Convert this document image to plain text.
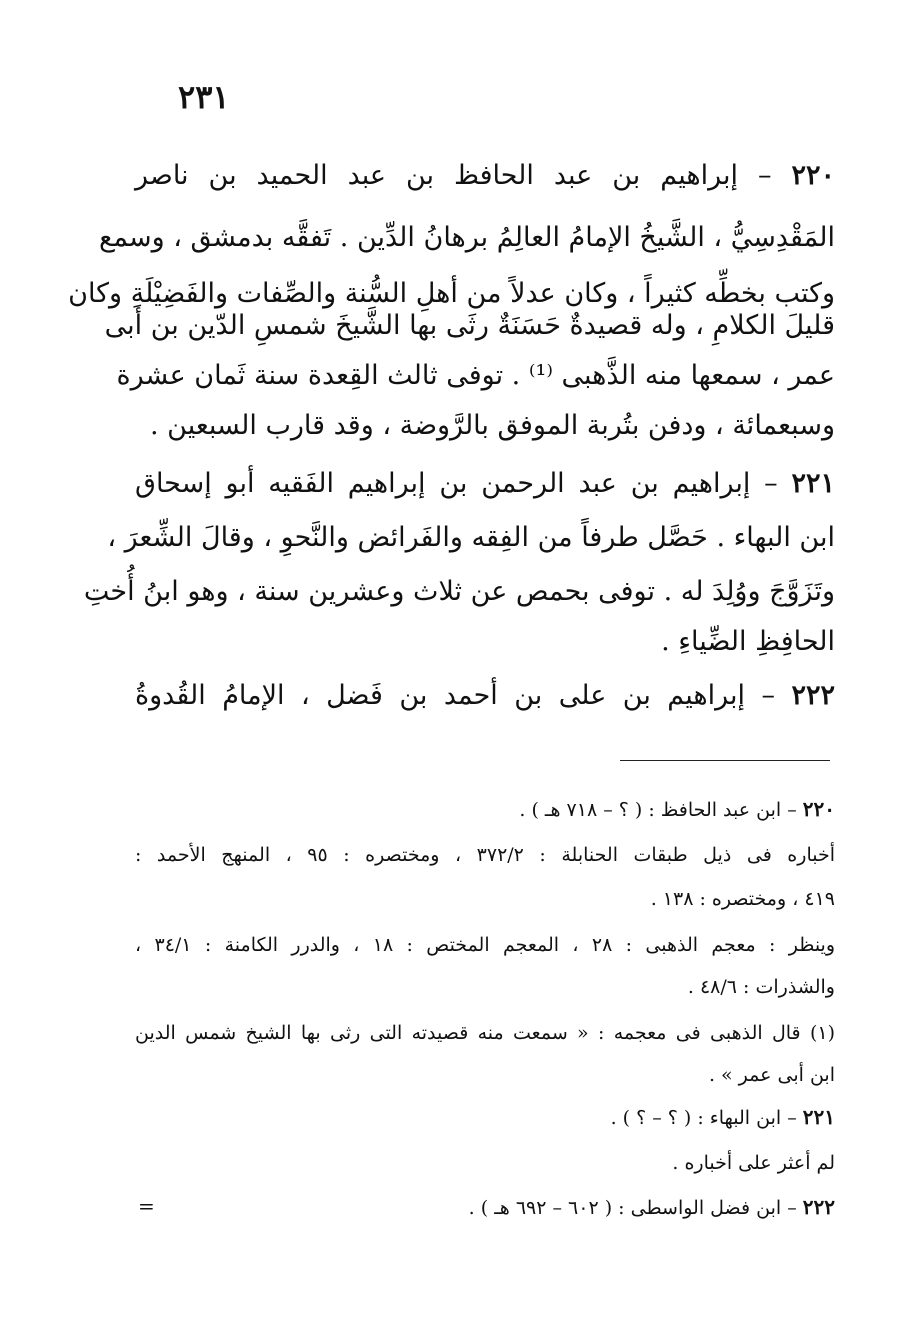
٢٣١
٢٢٠ – إبراهيم بن عبد الحافظ بن عبد الحميد بن ناصر
المَقْدِسِيُّ ، الشَّيخُ الإمامُ العالِمُ برهانُ الدِّين . تَفقَّه بدمشق ، وسمع
وكتب بخطِّه كثيراً ، وكان عدلاً من أهلِ السُّنة والصِّفات والفَضِيْلَةِ وكان
قليلَ الكلامِ ، وله قصيدةٌ حَسَنَةٌ رثَى بها الشَّيخَ شمسِ الدّين بن أبى
عمر ، سمعها منه الذَّهبى ⁽¹⁾ . توفى ثالث القِعدة سنة ثَمان عشرة
وسبعمائة ، ودفن بتُربة الموفق بالرَّوضة ، وقد قارب السبعين .
٢٢١ – إبراهيم بن عبد الرحمن بن إبراهيم الفَقيه أبو إسحاق
ابن البهاء . حَصَّل طرفاً من الفِقه والفَرائض والنَّحوِ ، وقالَ الشِّعرَ ،
وتَزَوَّجَ ووُلِدَ له . توفى بحمص عن ثلاث وعشرين سنة ، وهو ابنُ أُختِ
الحافِظِ الضِّياءِ .
٢٢٢ – إبراهيم بن على بن أحمد بن فَضل ، الإمامُ القُدوةُ
٢٢٠ – ابن عبد الحافظ : ( ؟ – ٧١٨ هـ ) .
أخباره فى ذيل طبقات الحنابلة : ٣٧٢/٢ ، ومختصره : ٩٥ ، المنهج الأحمد :
٤١٩ ، ومختصره : ١٣٨ .
وينظر : معجم الذهبى : ٢٨ ، المعجم المختص : ١٨ ، والدرر الكامنة : ٣٤/١ ،
والشذرات : ٤٨/٦ .
(١) قال الذهبى فى معجمه : « سمعت منه قصيدته التى رثى بها الشيخ شمس الدين
ابن أبى عمر » .
٢٢١ – ابن البهاء : ( ؟ – ؟ ) .
لم أعثر على أخباره .
٢٢٢ – ابن فضل الواسطى : ( ٦٠٢ – ٦٩٢ هـ ) .
=
